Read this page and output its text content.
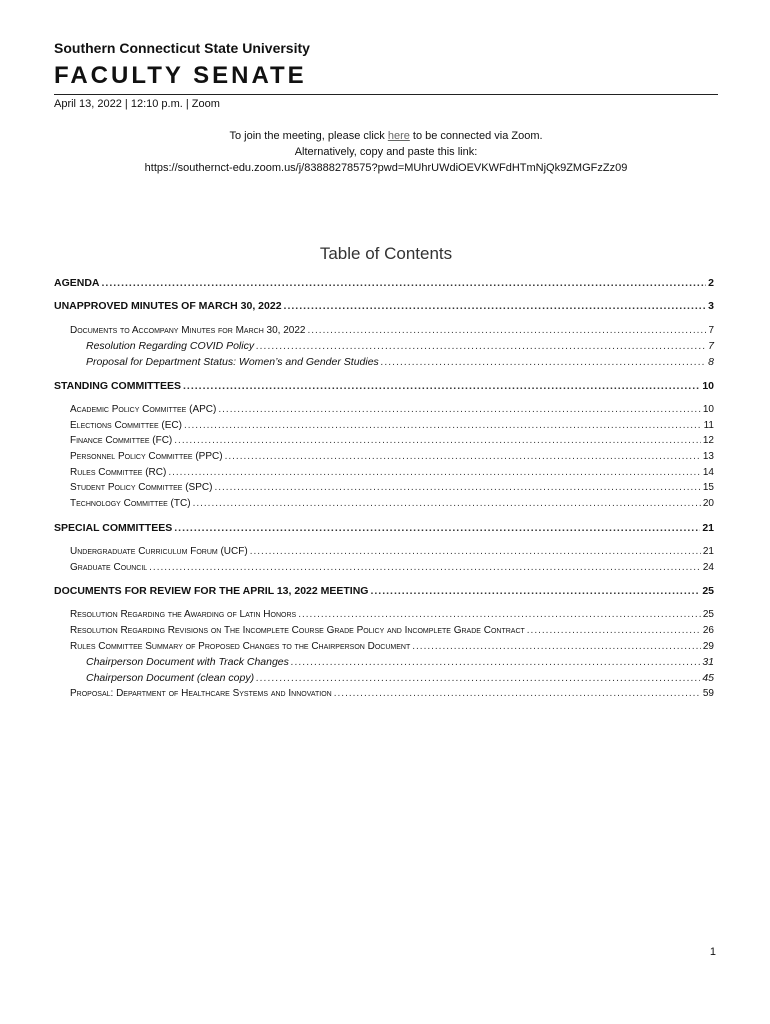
Southern Connecticut State University
FACULTY SENATE
April 13, 2022 | 12:10 p.m. | Zoom
To join the meeting, please click here to be connected via Zoom.
Alternatively, copy and paste this link:
https://southernct-edu.zoom.us/j/83888278575?pwd=MUhrUWdiOEVKWFdHTmNjQk9ZMGFzZz09
Table of Contents
AGENDA .....	2
UNAPPROVED MINUTES OF MARCH 30, 2022 .....	3
Documents to Accompany Minutes for March 30, 2022 .....	7
Resolution Regarding COVID Policy .....	7
Proposal for Department Status: Women’s and Gender Studies .....	8
STANDING COMMITTEES .....	10
Academic Policy Committee (APC) .....	10
Elections Committee (EC) .....	11
Finance Committee (FC) .....	12
Personnel Policy Committee (PPC) .....	13
Rules Committee (RC) .....	14
Student Policy Committee (SPC) .....	15
Technology Committee (TC) .....	20
SPECIAL COMMITTEES .....	21
Undergraduate Curriculum Forum (UCF) .....	21
Graduate Council .....	24
DOCUMENTS FOR REVIEW FOR THE APRIL 13, 2022 MEETING .....	25
Resolution Regarding the Awarding of Latin Honors .....	25
Resolution Regarding Revisions on The Incomplete Course Grade Policy and Incomplete Grade Contract .....	26
Rules Committee Summary of Proposed Changes to the Chairperson Document .....	29
Chairperson Document with Track Changes .....	31
Chairperson Document (clean copy) .....	45
Proposal: Department of Healthcare Systems and Innovation .....	59
1
